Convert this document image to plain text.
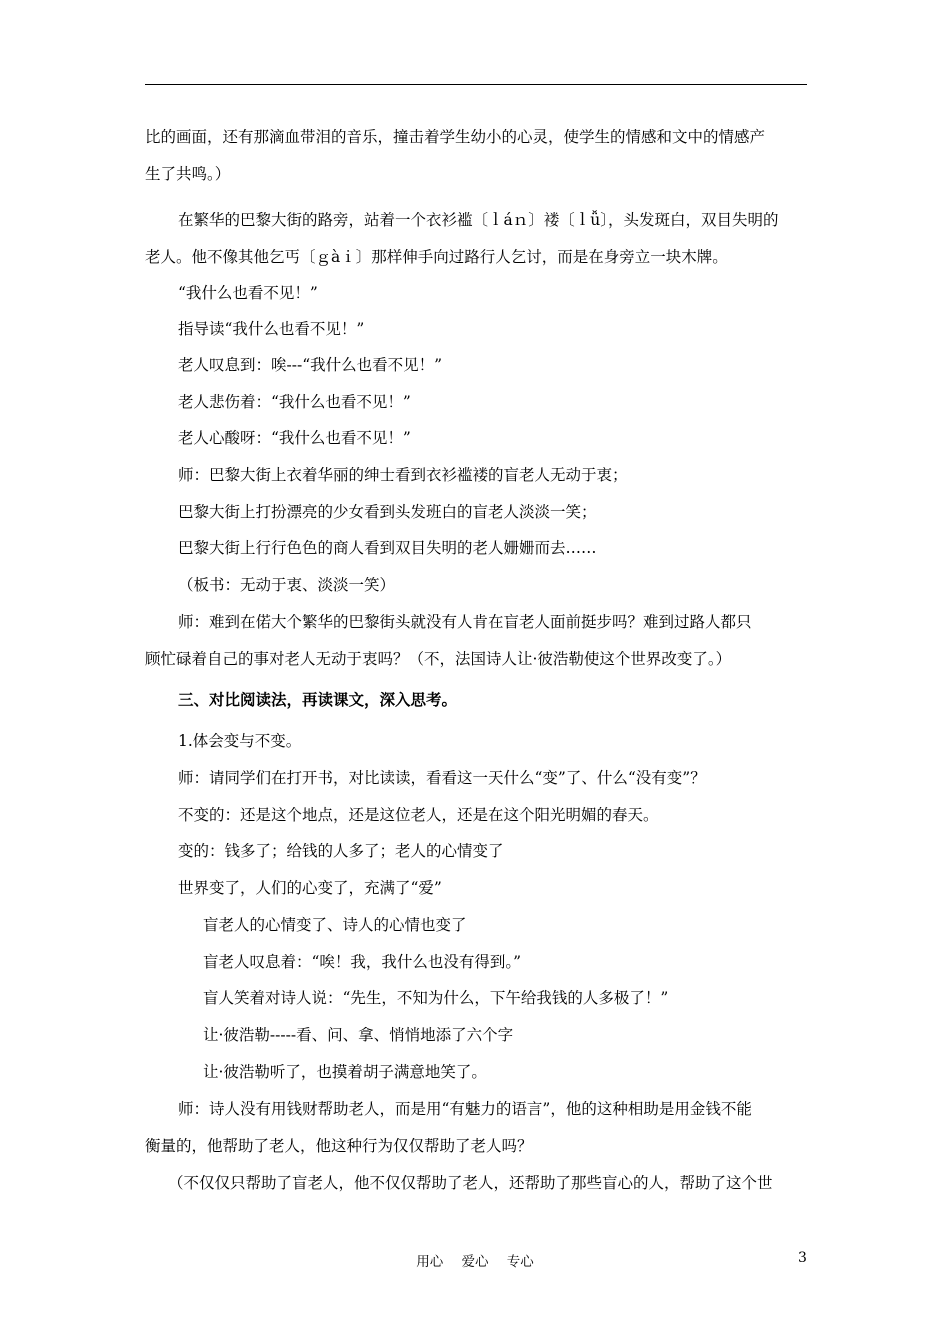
比的画面，还有那滴血带泪的音乐，撞击着学生幼小的心灵，使学生的情感和文中的情感产
生了共鸣。）
在繁华的巴黎大街的路旁，站着一个衣衫褴〔ｌáｎ〕褛〔ｌǚ〕，头发斑白，双目失明的
老人。他不像其他乞丐〔ｇàｉ〕那样伸手向过路行人乞讨，而是在身旁立一块木牌。
“我什么也看不见！”
指导读“我什么也看不见！”
老人叹息到：唉---“我什么也看不见！”
老人悲伤着：“我什么也看不见！”
老人心酸呀：“我什么也看不见！”
师：巴黎大街上衣着华丽的绅士看到衣衫褴褛的盲老人无动于衷；
巴黎大街上打扮漂亮的少女看到头发班白的盲老人淡淡一笑；
巴黎大街上行行色色的商人看到双目失明的老人姗姗而去……
（板书：无动于衷、淡淡一笑）
师：难到在偌大个繁华的巴黎街头就没有人肯在盲老人面前挺步吗？难到过路人都只
顾忙碌着自己的事对老人无动于衷吗？（不，法国诗人让·彼浩勒使这个世界改变了。）
三、对比阅读法，再读课文，深入思考。
1.体会变与不变。
师：请同学们在打开书，对比读读，看看这一天什么“变”了、什么“没有变”？
不变的：还是这个地点，还是这位老人，还是在这个阳光明媚的春天。
变的：钱多了；给钱的人多了；老人的心情变了
世界变了，人们的心变了，充满了“爱”
盲老人的心情变了、诗人的心情也变了
盲老人叹息着：“唉！我，我什么也没有得到。”
盲人笑着对诗人说：“先生，不知为什么，下午给我钱的人多极了！”
让·彼浩勒-----看、问、拿、悄悄地添了六个字
让·彼浩勒听了，也摸着胡子满意地笑了。
师：诗人没有用钱财帮助老人，而是用“有魅力的语言”，他的这种相助是用金钱不能
衡量的，他帮助了老人，他这种行为仅仅帮助了老人吗？
（不仅仅只帮助了盲老人，他不仅仅帮助了老人，还帮助了那些盲心的人，帮助了这个世
用心 爱心 专心	3
